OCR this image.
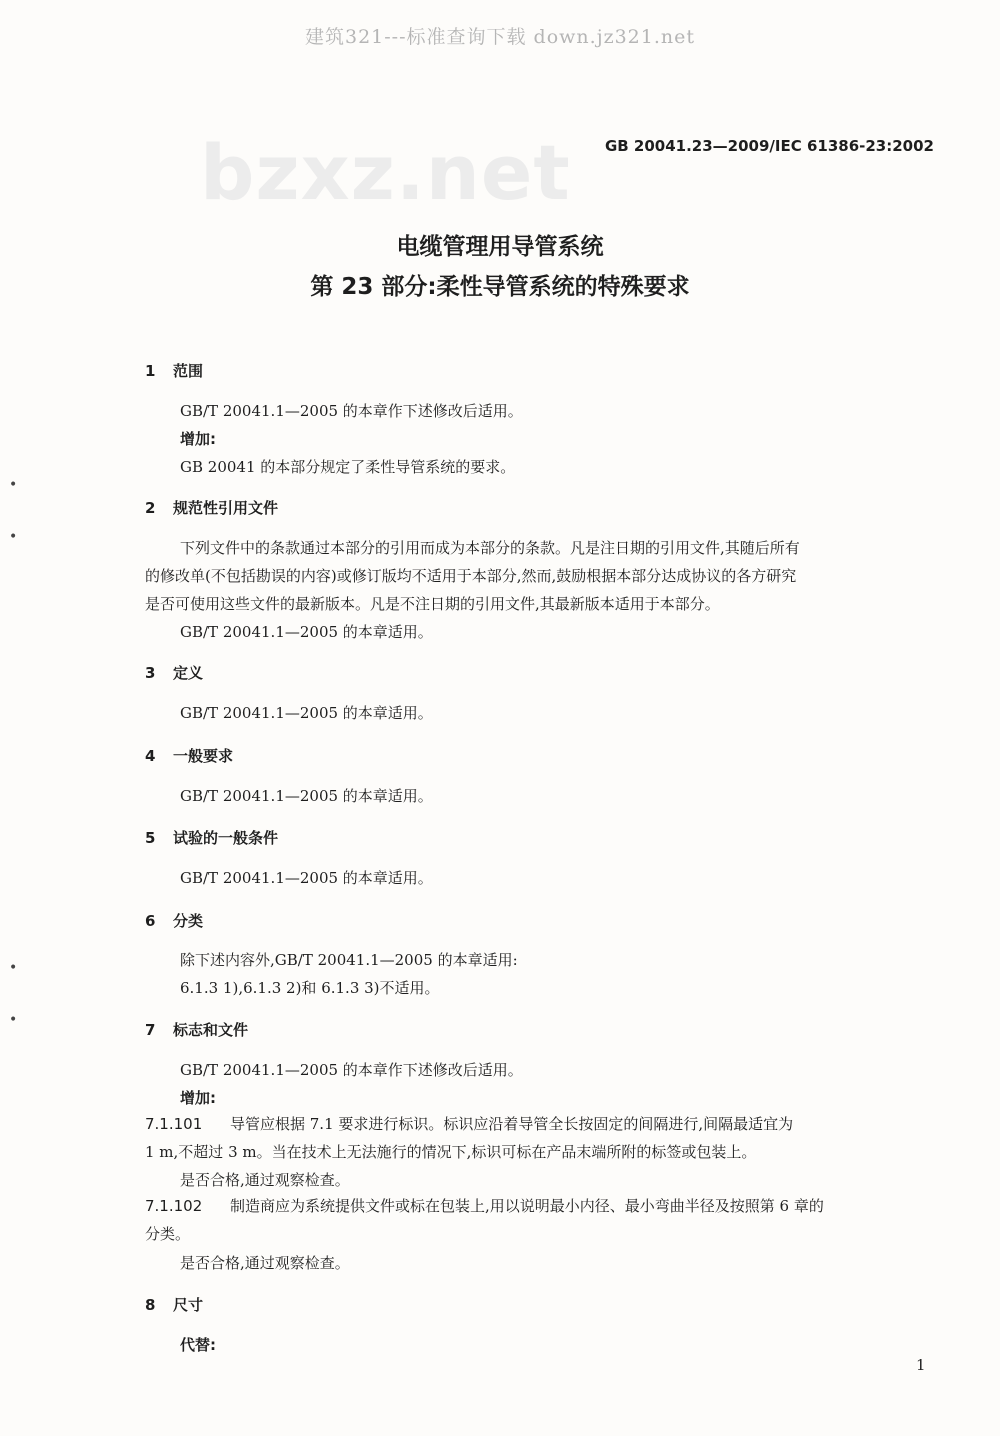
建筑321---标准查询下载 down.jz321.net
bzxz.net GB 20041.23—2009/IEC 61386-23:2002
电缆管理用导管系统
第 23 部分:柔性导管系统的特殊要求
•
•
•
•
1 范围
GB/T 20041.1—2005 的本章作下述修改后适用。
增加:
GB 20041 的本部分规定了柔性导管系统的要求。
2 规范性引用文件
下列文件中的条款通过本部分的引用而成为本部分的条款。凡是注日期的引用文件,其随后所有
的修改单(不包括勘误的内容)或修订版均不适用于本部分,然而,鼓励根据本部分达成协议的各方研究
是否可使用这些文件的最新版本。凡是不注日期的引用文件,其最新版本适用于本部分。
GB/T 20041.1—2005 的本章适用。
3 定义
GB/T 20041.1—2005 的本章适用。
4 一般要求
GB/T 20041.1—2005 的本章适用。
5 试验的一般条件
GB/T 20041.1—2005 的本章适用。
6 分类
除下述内容外,GB/T 20041.1—2005 的本章适用:
6.1.3 1),6.1.3 2)和 6.1.3 3)不适用。
7 标志和文件
GB/T 20041.1—2005 的本章作下述修改后适用。
增加:
7.1.101 导管应根据 7.1 要求进行标识。标识应沿着导管全长按固定的间隔进行,间隔最适宜为
1 m,不超过 3 m。当在技术上无法施行的情况下,标识可标在产品末端所附的标签或包装上。
是否合格,通过观察检查。
7.1.102 制造商应为系统提供文件或标在包装上,用以说明最小内径、最小弯曲半径及按照第 6 章的
分类。
是否合格,通过观察检查。
8 尺寸
代替:
1
